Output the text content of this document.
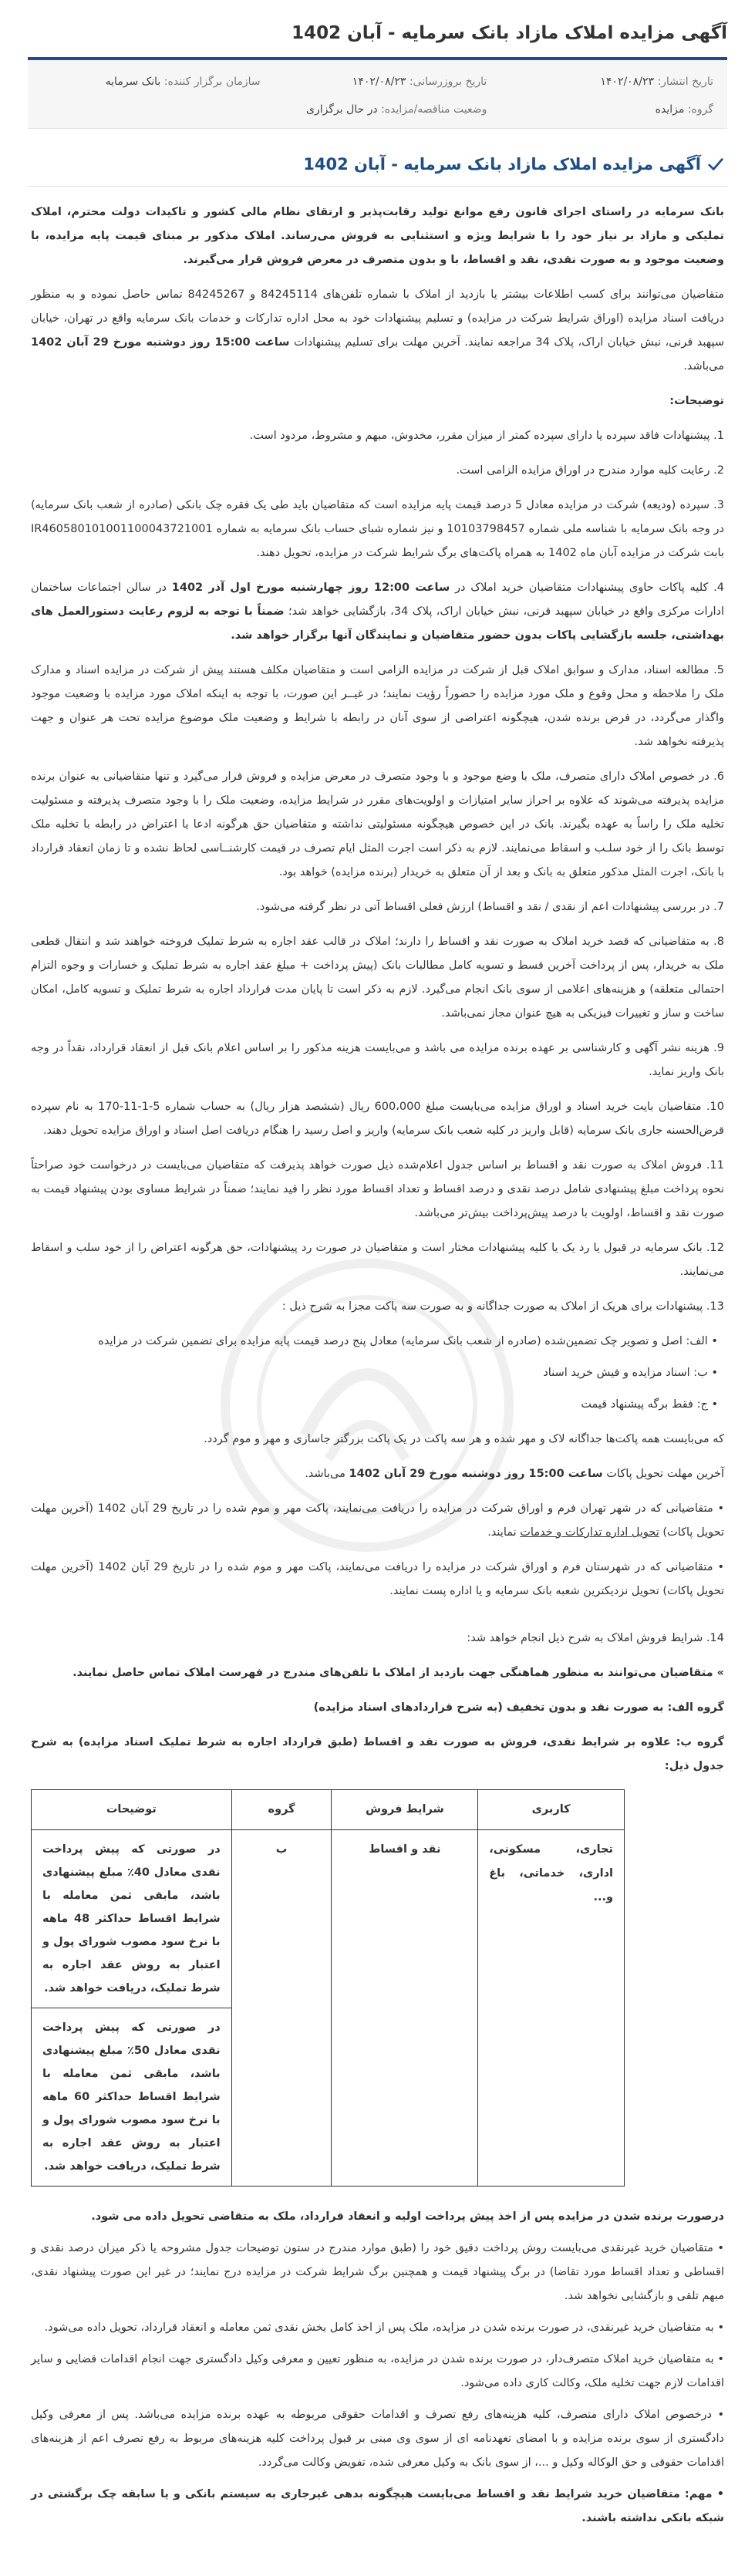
آگهی مزایده املاک مازاد بانک سرمایه - آبان 1402
تاریخ انتشار: ۱۴۰۲/۰۸/۲۳
تاریخ بروزرسانی: ۱۴۰۲/۰۸/۲۳
سازمان برگزار کننده: بانک سرمایه
گروه: مزایده
وضعیت مناقصه/مزایده: در حال برگزاری
آگهی مزایده املاک مازاد بانک سرمایه - آبان 1402

بانک سرمایه در راستای اجرای قانون رفع موانع تولید رقابت‌پذیر و ارتقای نظام مالی کشور و تاکیدات دولت محترم، املاک تملیکی و مازاد بر نیاز خود را با شرایط ویژه و استثنایی به فروش می‌رساند. املاک مذکور بر مبنای قیمت پایه مزایده، با وضعیت موجود و به صورت نقدی، نقد و اقساط، با و بدون متصرف در معرض فروش قرار می‌گیرند.

متقاضیان می‌توانند برای کسب اطلاعات بیشتر یا بازدید از املاک با شماره تلفن‌های 84245114 و 84245267 تماس حاصل نموده و به منظور دریافت اسناد مزایده (اوراق شرایط شرکت در مزایده) و تسلیم پیشنهادات خود به محل اداره تدارکات و خدمات بانک سرمایه واقع در تهران، خیابان سپهبد قرنی، نبش خیابان اراک، پلاک 34 مراجعه نمایند. آخرین مهلت برای تسلیم پیشنهادات ساعت 15:00 روز دوشنبه مورخ 29 آبان 1402 می‌باشد.

توضیحات:

1. پیشنهادات فاقد سپرده یا دارای سپرده کمتر از میزان مقرر، مخدوش، مبهم و مشروط، مردود است.

2. رعایت کلیه موارد مندرج در اوراق مزایده الزامی است.

3. سپرده (ودیعه) شرکت در مزایده معادل 5 درصد قیمت پایه مزایده است که متقاضیان باید طی یک فقره چک بانکی (صادره از شعب بانک سرمایه) در وجه بانک سرمایه با شناسه ملی شماره 10103798457 و نیز شماره شبای حساب بانک سرمایه به شماره IR460580101001100043721001 بابت شرکت در مزایده آبان ماه 1402 به همراه پاکت‌های برگ شرایط شرکت در مزایده، تحویل دهند.

4. کلیه پاکات حاوی پیشنهادات متقاضیان خرید املاک در ساعت 12:00 روز چهارشنبه مورخ اول آذر 1402 در سالن اجتماعات ساختمان ادارات مرکزی واقع در خیابان سپهبد قرنی، نبش خیابان اراک، پلاک 34، بازگشایی خواهد شد؛ ضمناً با توجه به لزوم رعایت دستورالعمل های بهداشتی، جلسه بازگشایی پاکات بدون حضور متقاضیان و نمایندگان آنها برگزار خواهد شد.

5. مطالعه اسناد، مدارک و سوابق املاک قبل از شرکت در مزایده الزامی است و متقاضیان مکلف هستند پیش از شرکت در مزایده اسناد و مدارک ملک را ملاحظه و محل وقوع و ملک مورد مزایده را حضوراً رؤیت نمایند؛ در غیــر این صورت، با توجه به اینکه املاک مورد مزایده با وضعیت موجود واگذار می‌گردد، در فرض برنده شدن، هیچگونه اعتراضی از سوی آنان در رابطه با شرایط و وضعیت ملک موضوع مزایده تحت هر عنوان و جهت پذیرفته نخواهد شد.

6. در خصوص املاک دارای متصرف، ملک با وضع موجود و با وجود متصرف در معرض مزایده و فروش قرار می‌گیرد و تنها متقاضیانی به عنوان برنده مزایده پذیرفته می‌شوند که علاوه بر احراز سایر امتیازات و اولویت‌های مقرر در شرایط مزایده، وضعیت ملک را با وجود متصرف پذیرفته و مسئولیت تخلیه ملک را راساً به عهده بگیرند. بانک در این خصوص هیچگونه مسئولیتی نداشته و متقاضیان حق هرگونه ادعا یا اعتراض در رابطه با تخلیه ملک توسط بانک را از خود سلـب و اسقاط می‌نمایند. لازم به ذکر است اجرت المثل ایام تصرف در قیمت کارشنــاسی لحاظ نشده و تا زمان انعقاد قرارداد با بانک، اجرت المثل مذکور متعلق به بانک و بعد از آن متعلق به خریدار (برنده مزایده) خواهد بود.

7. در بررسی پیشنهادات اعم از نقدی / نقد و اقساط) ارزش فعلی اقساط آتی در نظر گرفته می‌شود.

8. به متقاضیانی که قصد خرید املاک به صورت نقد و اقساط را دارند؛ املاک در قالب عقد اجاره به شرط تملیک فروخته خواهند شد و انتقال قطعی ملک به خریدار، پس از پرداخت آخرین قسط و تسویه کامل مطالبات بانک (پیش پرداخت + مبلغ عقد اجاره به شرط تملیک و خسارات و وجوه التزام احتمالی متعلقه) و هزینه‌های اعلامی از سوی بانک انجام می‌گیرد. لازم به ذکر است تا پایان مدت قرارداد اجاره به شرط تملیک و تسویه کامل، امکان ساخت و ساز و تغییرات فیزیکی به هیچ عنوان مجاز نمی‌باشد.

9. هزینه نشر آگهی و کارشناسی بر عهده برنده مزایده می باشد و می‌بایست هزینه مذکور را بر اساس اعلام بانک قبل از انعقاد قرارداد، نقداً در وجه بانک واریز نماید.

10. متقاضیان بایت خرید اسناد و اوراق مزایده می‌بایست مبلغ 600،000 ریال (ششصد هزار ریال) به حساب شماره 5-1-11-170 به نام سپرده قرض‌الحسنه جاری بانک سرمایه (قابل واریز در کلیه شعب بانک سرمایه) واریز و اصل رسید را هنگام دریافت اصل اسناد و اوراق مزایده تحویل دهند.

11. فروش املاک به صورت نقد و اقساط بر اساس جدول اعلام‌شده ذیل صورت خواهد پذیرفت که متقاضیان می‌بایست در درخواست خود صراحتاً نحوه پرداخت مبلغ پیشنهادی شامل درصد نقدی و درصد اقساط و تعداد اقساط مورد نظر را قید نمایند؛ ضمناً در شرایط مساوی بودن پیشنهاد قیمت به صورت نقد و اقساط، اولویت با درصد پیش‌پرداخت بیش‌تر می‌باشد.

12. بانک سرمایه در قبول یا رد یک یا کلیه پیشنهادات مختار است و متقاضیان در صورت رد پیشنهادات، حق هرگونه اعتراض را از خود سلب و اسقاط می‌نمایند.

13. پیشنهادات برای هریک از املاک به صورت جداگانه و به صورت سه پاکت مجزا به شرح ذیل :

• الف: اصل و تصویر چک تضمین‌شده (صادره از شعب بانک سرمایه) معادل پنج درصد قیمت پایه مزایده برای تضمین شرکت در مزایده
• ب: اسناد مزایده و فیش خرید اسناد
• ج: فقط برگه پیشنهاد قیمت

که می‌بایست همه پاکت‌ها جداگانه لاک و مهر شده و هر سه پاکت در یک پاکت بزرگتر جاسازی و مهر و موم گردد.

آخرین مهلت تحویل پاکات ساعت 15:00 روز دوشنبه مورخ 29 آبان 1402 می‌باشد.

• متقاضیانی که در شهر تهران فرم و اوراق شرکت در مزایده را دریافت می‌نمایند، پاکت مهر و موم شده را در تاریخ 29 آبان 1402 (آخرین مهلت تحویل پاکات) تحویل اداره تدارکات و خدمات نمایند.

• متقاضیانی که در شهرستان فرم و اوراق شرکت در مزایده را دریافت می‌نمایند، پاکت مهر و موم شده را در تاریخ 29 آبان 1402 (آخرین مهلت تحویل پاکات) تحویل نزدیکترین شعبه بانک سرمایه و یا اداره پست نمایند.

14. شرایط فروش املاک به شرح ذیل انجام خواهد شد:

» متقاضیان می‌توانند به منظور هماهنگی جهت بازدید از املاک با تلفن‌های مندرج در فهرست املاک تماس حاصل نمایند.

گروه الف: به صورت نقد و بدون تخفیف (به شرح قراردادهای اسناد مزایده)

گروه ب: علاوه بر شرایط نقدی، فروش به صورت نقد و اقساط (طبق قرارداد اجاره به شرط تملیک اسناد مزایده) به شرح جدول ذیل:

کاربری	شرایط فروش	گروه	توضیحات
تجاری، مسکونی، اداری، خدماتی، باغ و...	نقد و اقساط	ب	در صورتی که پیش پرداخت نقدی معادل 40٪ مبلغ پیشنهادی باشد، مابقی ثمن معامله با شرایط اقساط حداکثر 48 ماهه با نرخ سود مصوب شورای پول و اعتبار به روش عقد اجاره به شرط تملیک، دریافت خواهد شد.
در صورتی که پیش پرداخت نقدی معادل 50٪ مبلغ پیشنهادی باشد، مابقی ثمن معامله با شرایط اقساط حداکثر 60 ماهه با نرخ سود مصوب شورای پول و اعتبار به روش عقد اجاره به شرط تملیک، دریافت خواهد شد.

درصورت برنده شدن در مزایده پس از اخذ پیش پرداخت اولیه و انعقاد قرارداد، ملک به متقاضی تحویل داده می شود.

• متقاضیان خرید غیرنقدی می‌بایست روش پرداخت دقیق خود را (طبق موارد مندرج در ستون توضیحات جدول مشروحه یا ذکر میزان درصد نقدی و اقساطی و تعداد اقساط مورد تقاضا) در برگ پیشنهاد قیمت و همچنین برگ شرایط شرکت در مزایده درج نمایند؛ در غیر این صورت پیشنهاد نقدی، مبهم تلقی و بازگشایی نخواهد شد.

• به متقاضیان خرید غیرنقدی، در صورت برنده شدن در مزایده، ملک پس از اخذ کامل بخش نقدی ثمن معامله و انعقاد قرارداد، تحویل داده می‌شود.

• به متقاضیان خرید املاک متصرف‌دار، در صورت برنده شدن در مزایده، به منظور تعیین و معرفی وکیل دادگستری جهت انجام اقدامات قضایی و سایر اقدامات لازم جهت تخلیه ملک، وکالت کاری داده می‌شود.

• درخصوص املاک دارای متصرف، کلیه هزینه‌های رفع تصرف و اقدامات حقوقی مربوطه به عهده برنده مزایده می‌باشد. پس از معرفی وکیل دادگستری از سوی برنده مزایده و با امضای تعهدنامه ای از سوی وی مبنی بر قبول پرداخت کلیه هزینه‌های مربوط به رفع تصرف اعم از هزینه‌های اقدامات حقوقی و حق الوکاله وکیل و ...، از سوی بانک به وکیل معرفی شده، تفویض وکالت می‌گردد.

• مهم: متقاضیان خرید شرایط نقد و اقساط می‌بایست هیچگونه بدهی غیرجاری به سیستم بانکی و یا سابقه چک برگشتی در شبکه بانکی نداشته باشند.
